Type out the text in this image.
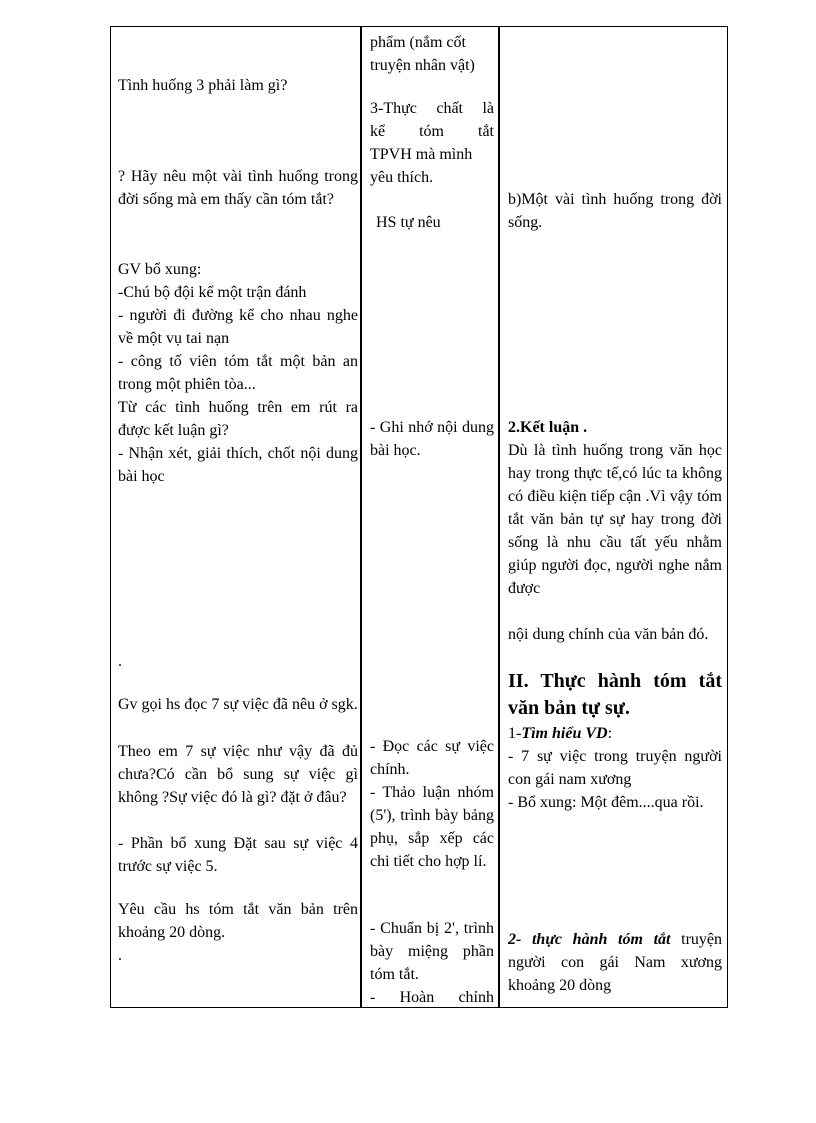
Tình huống 3 phải làm gì?
? Hãy nêu một vài tình huống trong đời sống mà em thấy cần tóm tắt?
GV bổ xung:
-Chú bộ đội kể một trận đánh
- người đi đường kể cho nhau nghe về một vụ tai nạn
- công tố viên tóm tắt một bản an trong một phiên tòa...
Từ các tình huống trên em rút ra được kết luận gì?
- Nhận xét, giải thích, chốt nội dung bài học
.
Gv gọi hs đọc 7 sự việc đã nêu ở sgk.
Theo em 7 sự việc như vậy đã đủ chưa?Có cần bổ sung sự việc gì không ?Sự việc đó là gì? đặt ở đâu?
- Phần bổ xung Đặt sau sự việc 4 trước sự việc 5.
Yêu cầu hs tóm tắt văn bản trên khoảng 20 dòng.
.
phẩm (nắm cốt truyện nhân vật)
3-Thực chất là
kể tóm tắt
TPVH mà mình yêu thích.
HS tự nêu
- Ghi nhớ nội dung bài học.
- Đọc các sự việc chính.
- Thảo luận nhóm (5'), trình bày bảng phụ, sắp xếp các chi tiết cho hợp lí.
- Chuẩn bị 2', trình bày miệng phần tóm tắt.
- Hoàn chỉnh
b)Một vài tình huống trong đời sống.
2.Kết luận .
Dù là tình huống trong văn học hay trong thực tế,có lúc ta không có điều kiện tiếp cận .Vì vậy tóm tắt văn bản tự sự hay trong đời sống là nhu cầu tất yếu nhằm giúp người đọc, người nghe nắm được
nội dung chính của văn bản đó.
II. Thực hành tóm tắt văn bản tự sự.
1-Tìm hiểu VD:
- 7 sự việc trong truyện người con gái nam xương
- Bổ xung: Một đêm....qua rồi.
2- thực hành tóm tắt truyện người con gái Nam xương khoảng 20 dòng
